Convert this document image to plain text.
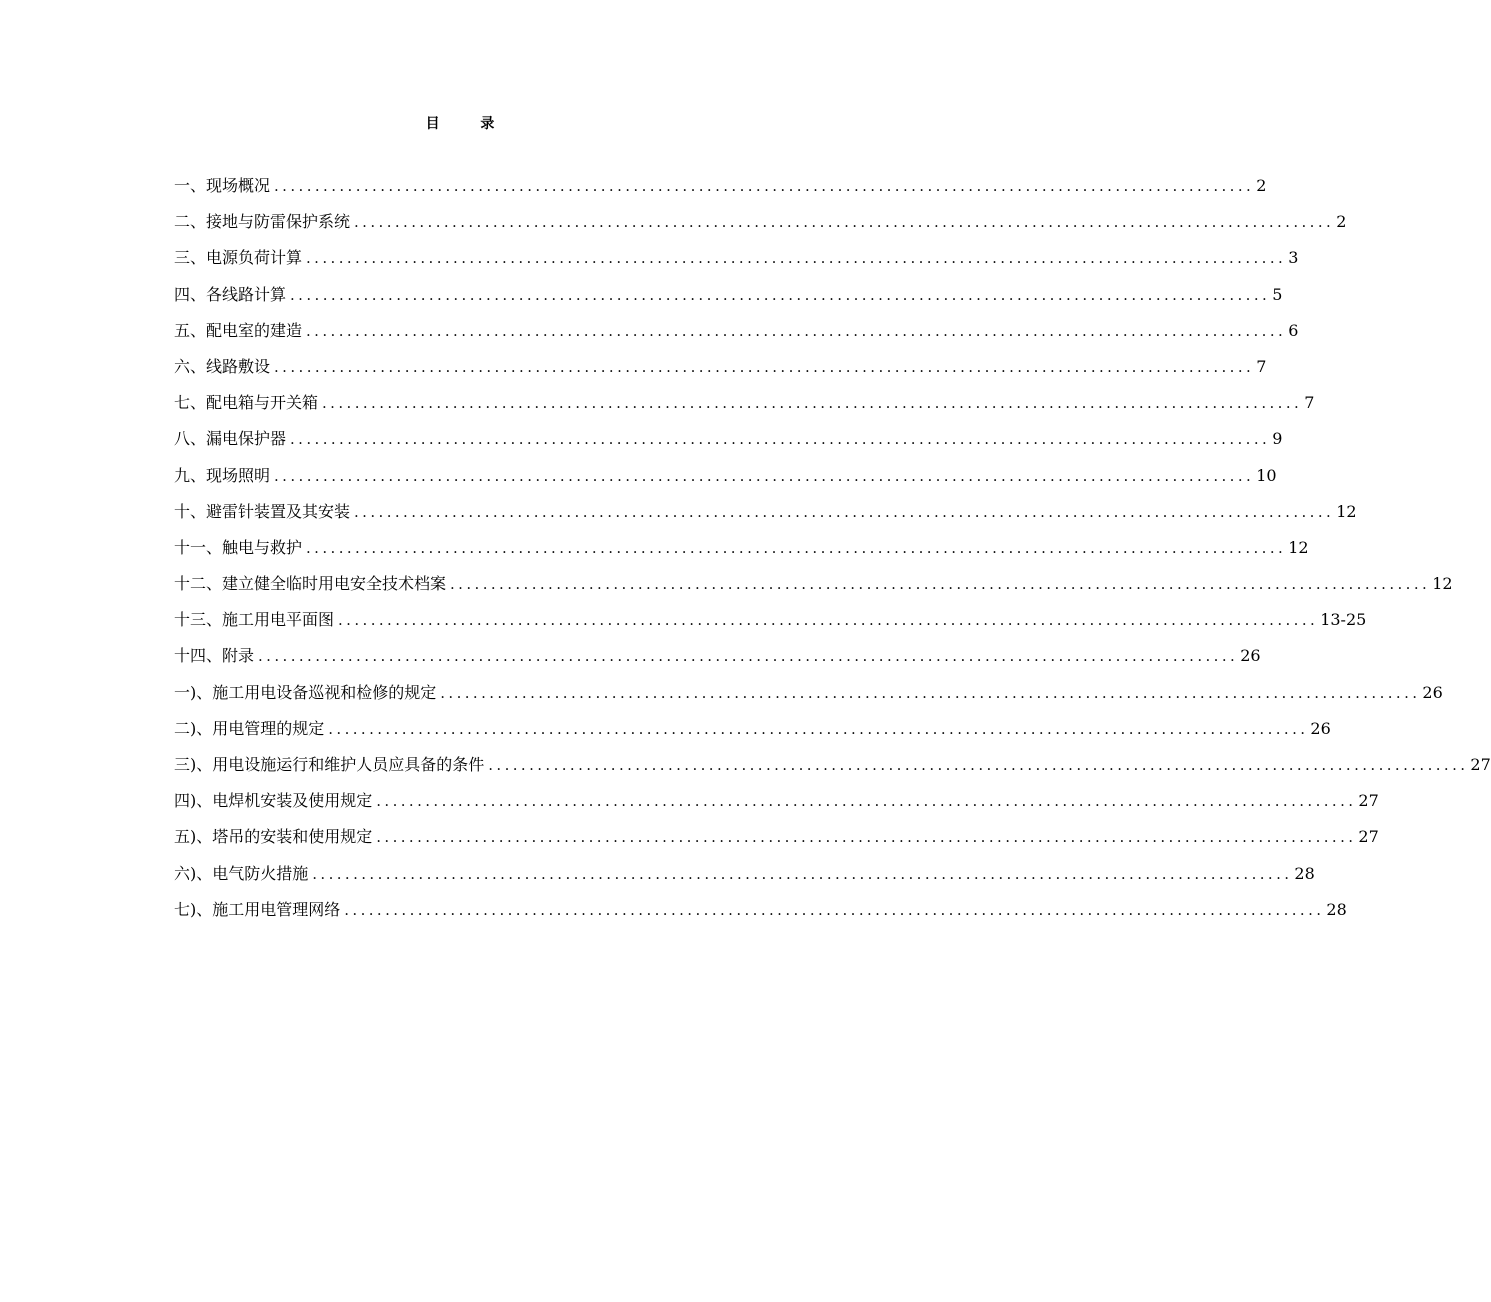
目 录
一、现场概况 ........................................................................................................................ 2
二、接地与防雷保护系统 ........................................................................................................................ 2
三、电源负荷计算 ........................................................................................................................ 3
四、各线路计算 ........................................................................................................................ 5
五、配电室的建造 ........................................................................................................................ 6
六、线路敷设 ........................................................................................................................ 7
七、配电箱与开关箱 ........................................................................................................................ 7
八、漏电保护器 ........................................................................................................................ 9
九、现场照明 ........................................................................................................................ 10
十、避雷针装置及其安装 ........................................................................................................................ 12
十一、触电与救护 ........................................................................................................................ 12
十二、建立健全临时用电安全技术档案 ........................................................................................................................ 12
十三、施工用电平面图 ........................................................................................................................ 13-25
十四、附录 ........................................................................................................................ 26
一)、施工用电设备巡视和检修的规定 ........................................................................................................................ 26
二)、用电管理的规定 ........................................................................................................................ 26
三)、用电设施运行和维护人员应具备的条件 ........................................................................................................................ 27
四)、电焊机安装及使用规定 ........................................................................................................................ 27
五)、塔吊的安装和使用规定 ........................................................................................................................ 27
六)、电气防火措施 ........................................................................................................................ 28
七)、施工用电管理网络 ........................................................................................................................ 28
